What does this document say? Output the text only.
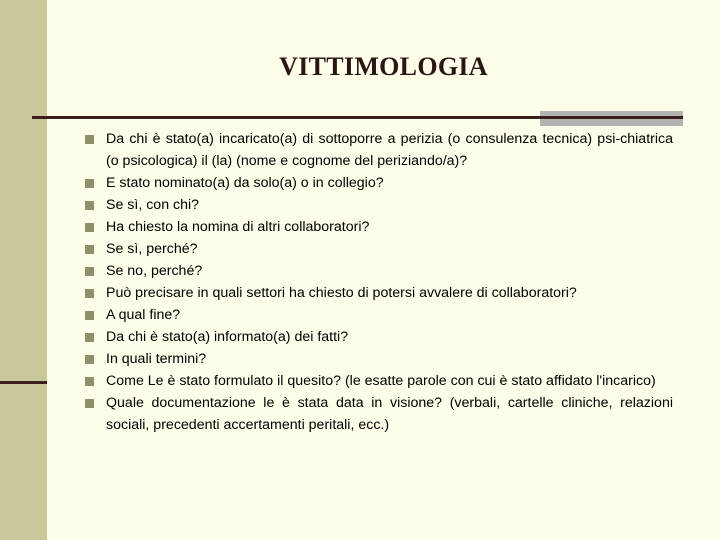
VITTIMOLOGIA
Da chi è stato(a) incaricato(a) di sottoporre a perizia (o consulenza tecnica) psi-chiatrica (o psicologica) il (la) (nome e cognome del periziando/a)?
E stato nominato(a) da solo(a) o in collegio?
Se sì, con chi?
Ha chiesto la nomina di altri collaboratori?
Se sì, perché?
Se no, perché?
Può precisare in quali settori ha chiesto di potersi avvalere di collaboratori?
A qual fine?
Da chi è stato(a) informato(a) dei fatti?
In quali termini?
Come Le è stato formulato il quesito? (le esatte parole con cui è stato affidato l'incarico)
Quale documentazione le è stata data in visione? (verbali, cartelle cliniche, relazioni sociali, precedenti accertamenti peritali, ecc.)
